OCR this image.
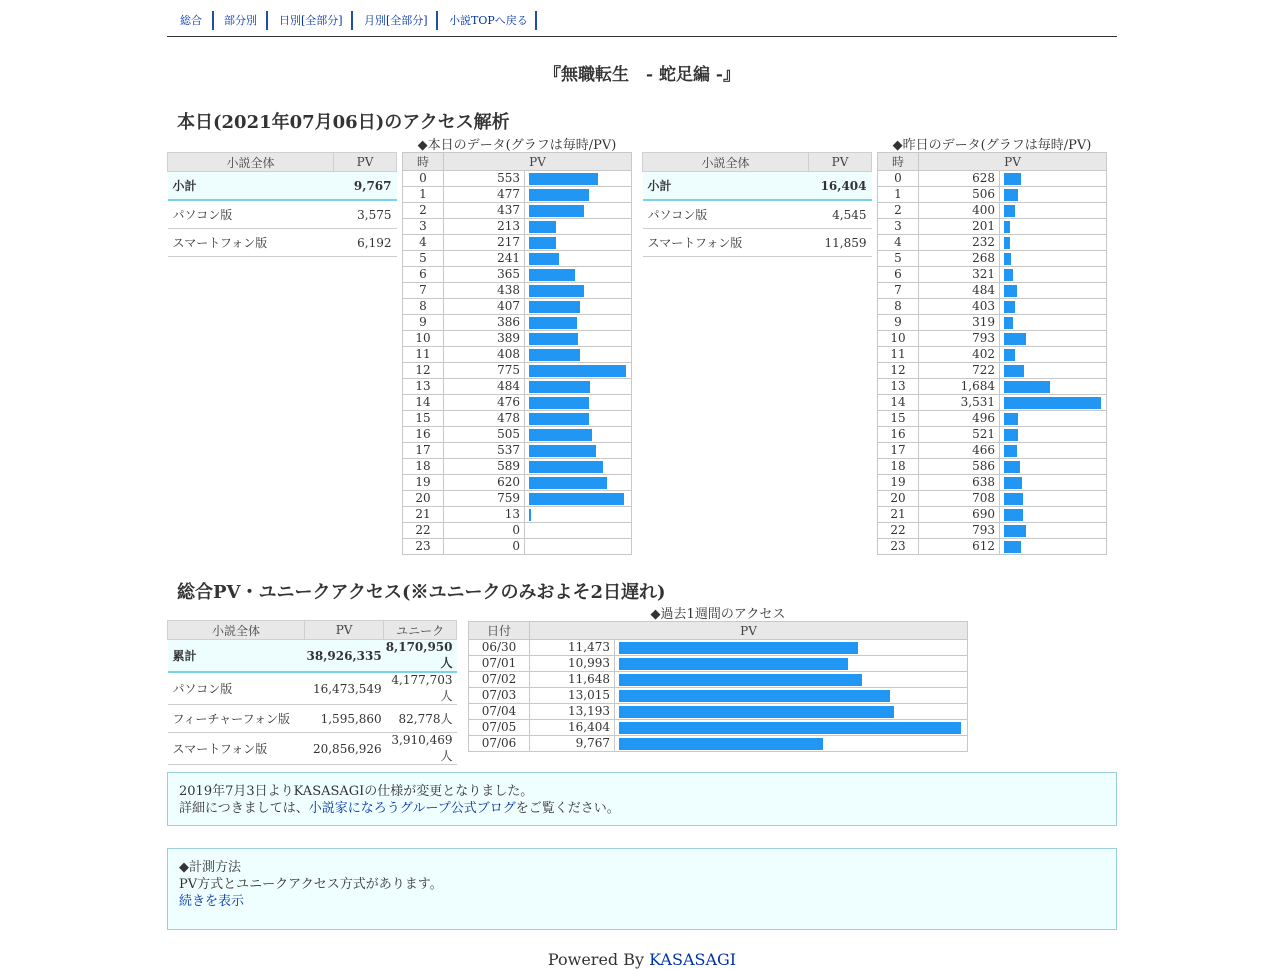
総合	部分別	日別[全部分]	月別[全部分]	小説TOPへ戻る
『無職転生　- 蛇足編 -』
本日(2021年07月06日)のアクセス解析
◆本日のデータ(グラフは毎時/PV)	◆昨日のデータ(グラフは毎時/PV)
小説全体	PV
小計	9,767
パソコン版	3,575
スマートフォン版	6,192
時	PV	
0	553	

1	477	

2	437	

3	213	

4	217	

5	241	

6	365	

7	438	

8	407	

9	386	

10	389	

11	408	

12	775	

13	484	

14	476	

15	478	

16	505	

17	537	

18	589	

19	620	

20	759	

21	13	

22	0	

23	0	
小説全体	PV
小計	16,404
パソコン版	4,545
スマートフォン版	11,859
時	PV	
0	628	

1	506	

2	400	

3	201	

4	232	

5	268	

6	321	

7	484	

8	403	

9	319	

10	793	

11	402	

12	722	

13	1,684	

14	3,531	

15	496	

16	521	

17	466	

18	586	

19	638	

20	708	

21	690	

22	793	

23	612	
総合PV・ユニークアクセス(※ユニークのみおよそ2日遅れ)
◆過去1週間のアクセス
小説全体	PV	ユニーク
累計	38,926,335	8,170,950人
パソコン版	16,473,549	4,177,703人
フィーチャーフォン版	1,595,860	82,778人
スマートフォン版	20,856,926	3,910,469人
日付	PV	
06/30	11,473	

07/01	10,993	

07/02	11,648	

07/03	13,015	

07/04	13,193	

07/05	16,404	

07/06	9,767	
2019年7月3日よりKASASAGIの仕様が変更となりました。
詳細につきましては、小説家になろうグループ公式ブログをご覧ください。
◆計測方法
PV方式とユニークアクセス方式があります。
続きを表示
Powered By KASASAGI
